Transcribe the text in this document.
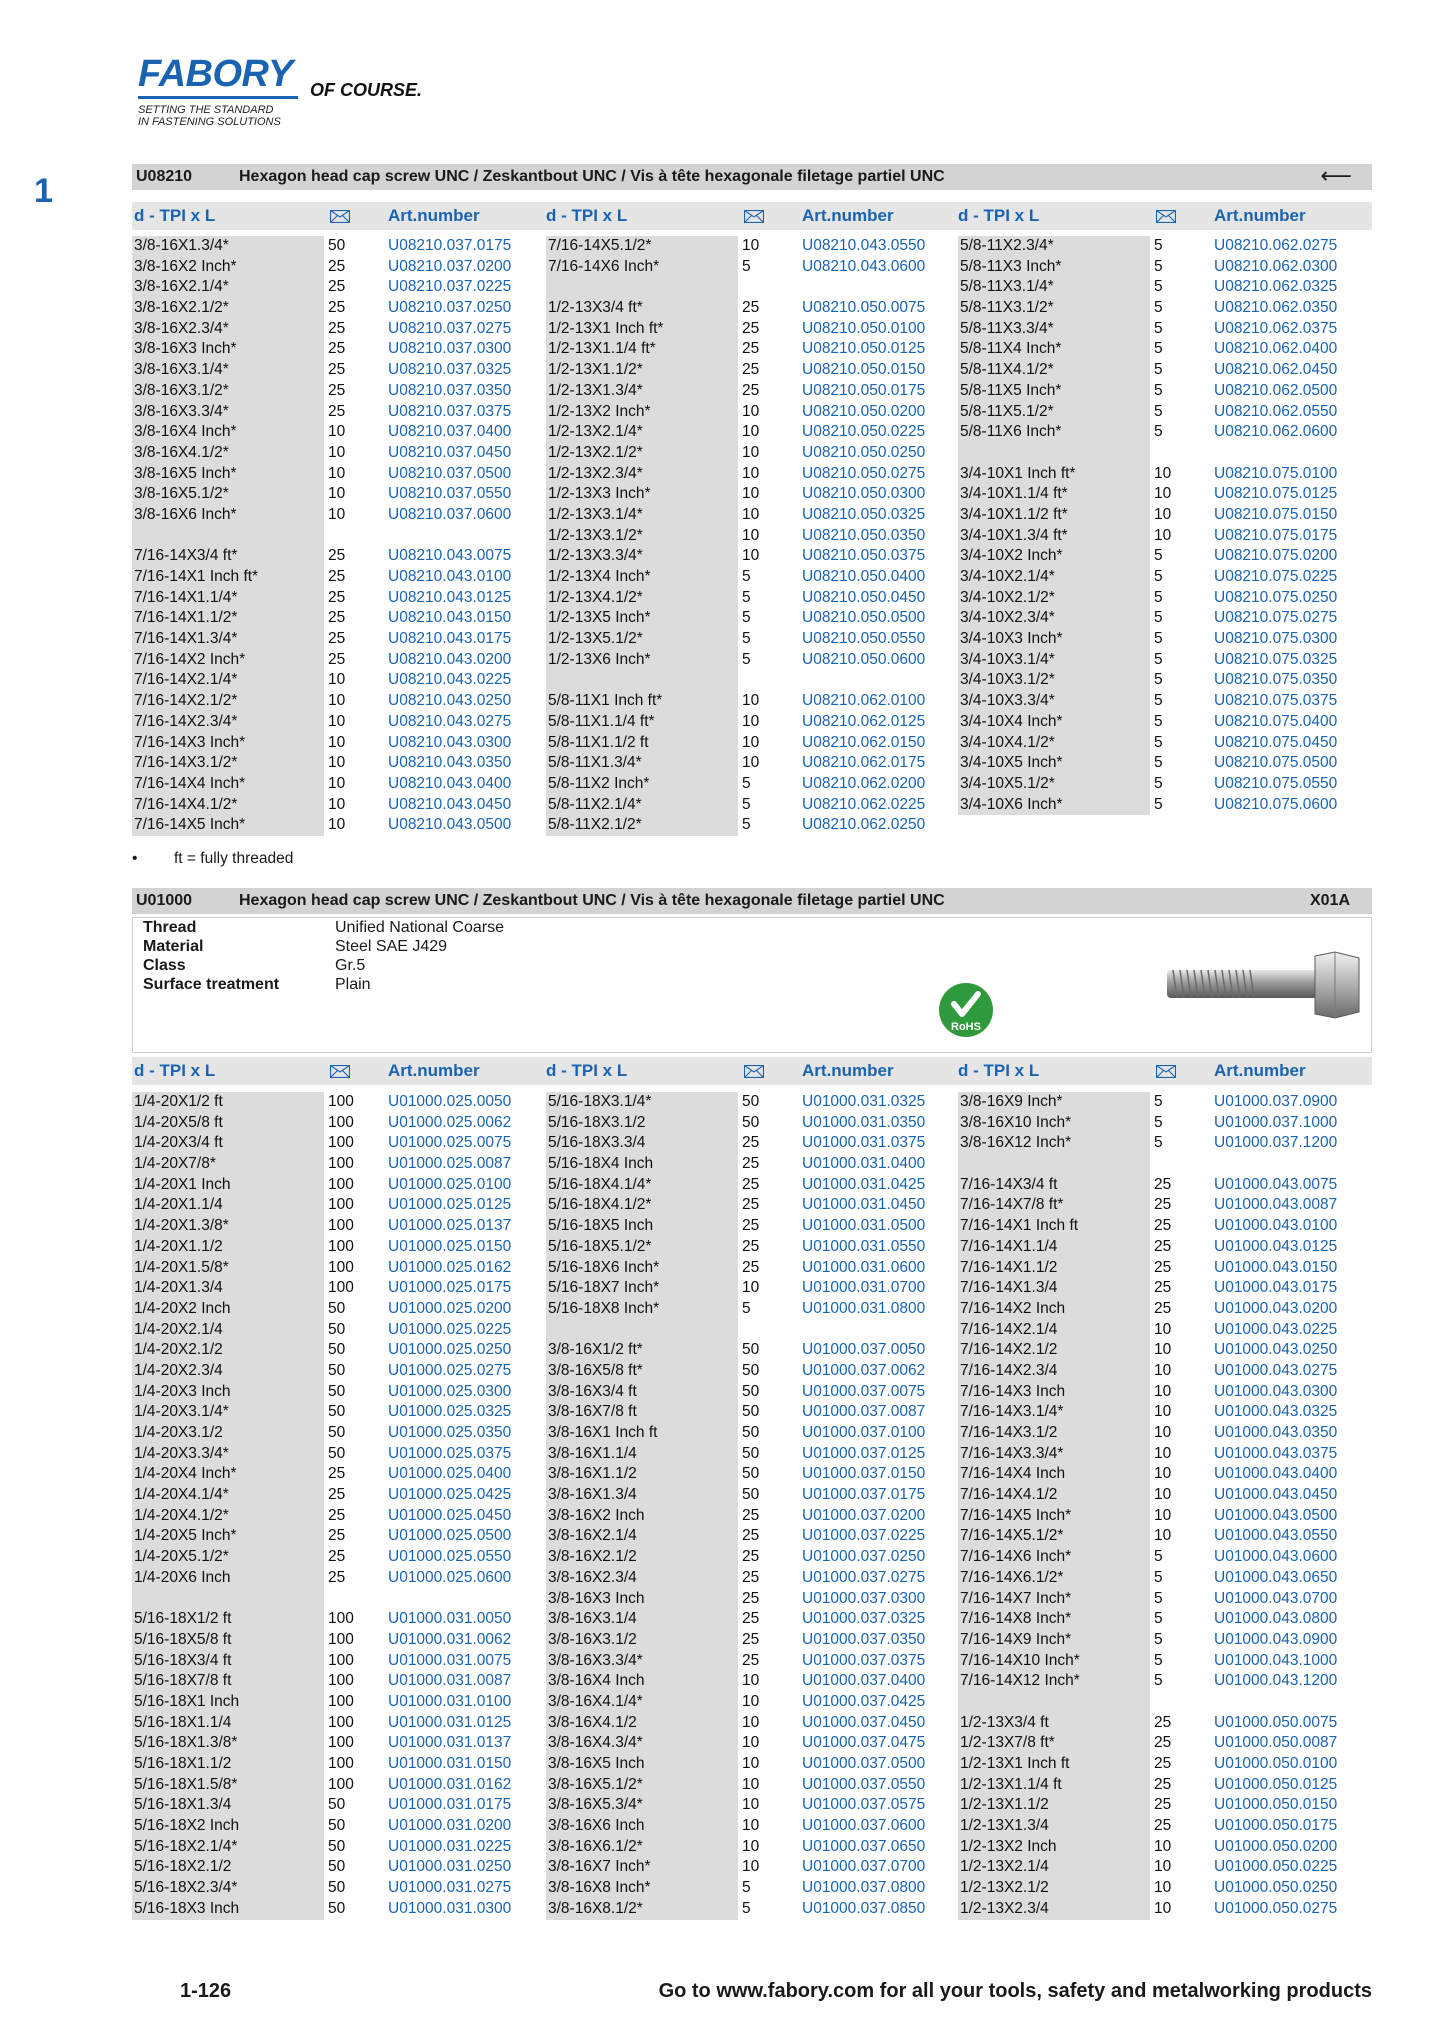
FABORY OF COURSE.
SETTING THE STANDARD
IN FASTENING SOLUTIONS
1	U08210	Hexagon head cap screw UNC / Zeskantbout UNC / Vis à tête hexagonale filetage partiel UNC	⟵
d - TPI x L	Art.number	d - TPI x L	Art.number	d - TPI x L	Art.number
3/8-16X1.3/4*	50	U08210.037.0175
3/8-16X2 Inch*	25	U08210.037.0200
3/8-16X2.1/4*	25	U08210.037.0225
3/8-16X2.1/2*	25	U08210.037.0250
3/8-16X2.3/4*	25	U08210.037.0275
3/8-16X3 Inch*	25	U08210.037.0300
3/8-16X3.1/4*	25	U08210.037.0325
3/8-16X3.1/2*	25	U08210.037.0350
3/8-16X3.3/4*	25	U08210.037.0375
3/8-16X4 Inch*	10	U08210.037.0400
3/8-16X4.1/2*	10	U08210.037.0450
3/8-16X5 Inch*	10	U08210.037.0500
3/8-16X5.1/2*	10	U08210.037.0550
3/8-16X6 Inch*	10	U08210.037.0600
7/16-14X3/4 ft*	25	U08210.043.0075
7/16-14X1 Inch ft*	25	U08210.043.0100
7/16-14X1.1/4*	25	U08210.043.0125
7/16-14X1.1/2*	25	U08210.043.0150
7/16-14X1.3/4*	25	U08210.043.0175
7/16-14X2 Inch*	25	U08210.043.0200
7/16-14X2.1/4*	10	U08210.043.0225
7/16-14X2.1/2*	10	U08210.043.0250
7/16-14X2.3/4*	10	U08210.043.0275
7/16-14X3 Inch*	10	U08210.043.0300
7/16-14X3.1/2*	10	U08210.043.0350
7/16-14X4 Inch*	10	U08210.043.0400
7/16-14X4.1/2*	10	U08210.043.0450
7/16-14X5 Inch*	10	U08210.043.0500
7/16-14X5.1/2*	10	U08210.043.0550
7/16-14X6 Inch*	5	U08210.043.0600
1/2-13X3/4 ft*	25	U08210.050.0075
1/2-13X1 Inch ft*	25	U08210.050.0100
1/2-13X1.1/4 ft*	25	U08210.050.0125
1/2-13X1.1/2*	25	U08210.050.0150
1/2-13X1.3/4*	25	U08210.050.0175
1/2-13X2 Inch*	10	U08210.050.0200
1/2-13X2.1/4*	10	U08210.050.0225
1/2-13X2.1/2*	10	U08210.050.0250
1/2-13X2.3/4*	10	U08210.050.0275
1/2-13X3 Inch*	10	U08210.050.0300
1/2-13X3.1/4*	10	U08210.050.0325
1/2-13X3.1/2*	10	U08210.050.0350
1/2-13X3.3/4*	10	U08210.050.0375
1/2-13X4 Inch*	5	U08210.050.0400
1/2-13X4.1/2*	5	U08210.050.0450
1/2-13X5 Inch*	5	U08210.050.0500
1/2-13X5.1/2*	5	U08210.050.0550
1/2-13X6 Inch*	5	U08210.050.0600
5/8-11X1 Inch ft*	10	U08210.062.0100
5/8-11X1.1/4 ft*	10	U08210.062.0125
5/8-11X1.1/2 ft	10	U08210.062.0150
5/8-11X1.3/4*	10	U08210.062.0175
5/8-11X2 Inch*	5	U08210.062.0200
5/8-11X2.1/4*	5	U08210.062.0225
5/8-11X2.1/2*	5	U08210.062.0250
5/8-11X2.3/4*	5	U08210.062.0275
5/8-11X3 Inch*	5	U08210.062.0300
5/8-11X3.1/4*	5	U08210.062.0325
5/8-11X3.1/2*	5	U08210.062.0350
5/8-11X3.3/4*	5	U08210.062.0375
5/8-11X4 Inch*	5	U08210.062.0400
5/8-11X4.1/2*	5	U08210.062.0450
5/8-11X5 Inch*	5	U08210.062.0500
5/8-11X5.1/2*	5	U08210.062.0550
5/8-11X6 Inch*	5	U08210.062.0600
3/4-10X1 Inch ft*	10	U08210.075.0100
3/4-10X1.1/4 ft*	10	U08210.075.0125
3/4-10X1.1/2 ft*	10	U08210.075.0150
3/4-10X1.3/4 ft*	10	U08210.075.0175
3/4-10X2 Inch*	5	U08210.075.0200
3/4-10X2.1/4*	5	U08210.075.0225
3/4-10X2.1/2*	5	U08210.075.0250
3/4-10X2.3/4*	5	U08210.075.0275
3/4-10X3 Inch*	5	U08210.075.0300
3/4-10X3.1/4*	5	U08210.075.0325
3/4-10X3.1/2*	5	U08210.075.0350
3/4-10X3.3/4*	5	U08210.075.0375
3/4-10X4 Inch*	5	U08210.075.0400
3/4-10X4.1/2*	5	U08210.075.0450
3/4-10X5 Inch*	5	U08210.075.0500
3/4-10X5.1/2*	5	U08210.075.0550
3/4-10X6 Inch*	5	U08210.075.0600
• ft = fully threaded
U01000	Hexagon head cap screw UNC / Zeskantbout UNC / Vis à tête hexagonale filetage partiel UNC	X01A
Thread	Unified National Coarse
Material	Steel SAE J429
Class	Gr.5
Surface treatment	Plain
RoHS
d - TPI x L	Art.number	d - TPI x L	Art.number	d - TPI x L	Art.number
1/4-20X1/2 ft	100 U01000.025.0050
1/4-20X5/8 ft	100 U01000.025.0062
1/4-20X3/4 ft	100 U01000.025.0075
1/4-20X7/8*	100 U01000.025.0087
1/4-20X1 Inch	100 U01000.025.0100
1/4-20X1.1/4	100 U01000.025.0125
1/4-20X1.3/8*	100 U01000.025.0137
1/4-20X1.1/2	100 U01000.025.0150
1/4-20X1.5/8*	100 U01000.025.0162
1/4-20X1.3/4	100 U01000.025.0175
1/4-20X2 Inch	50	U01000.025.0200
1/4-20X2.1/4	50	U01000.025.0225
1/4-20X2.1/2	50	U01000.025.0250
1/4-20X2.3/4	50	U01000.025.0275
1/4-20X3 Inch	50	U01000.025.0300
1/4-20X3.1/4*	50	U01000.025.0325
1/4-20X3.1/2	50	U01000.025.0350
1/4-20X3.3/4*	50	U01000.025.0375
1/4-20X4 Inch*	25	U01000.025.0400
1/4-20X4.1/4*	25	U01000.025.0425
1/4-20X4.1/2*	25	U01000.025.0450
1/4-20X5 Inch*	25	U01000.025.0500
1/4-20X5.1/2*	25	U01000.025.0550
1/4-20X6 Inch	25	U01000.025.0600
5/16-18X1/2 ft	100 U01000.031.0050
5/16-18X5/8 ft	100 U01000.031.0062
5/16-18X3/4 ft	100 U01000.031.0075
5/16-18X7/8 ft	100 U01000.031.0087
5/16-18X1 Inch	100 U01000.031.0100
5/16-18X1.1/4	100 U01000.031.0125
5/16-18X1.3/8*	100 U01000.031.0137
5/16-18X1.1/2	100 U01000.031.0150
5/16-18X1.5/8*	100 U01000.031.0162
5/16-18X1.3/4	50	U01000.031.0175
5/16-18X2 Inch	50	U01000.031.0200
5/16-18X2.1/4*	50	U01000.031.0225
5/16-18X2.1/2	50	U01000.031.0250
5/16-18X2.3/4*	50	U01000.031.0275
5/16-18X3 Inch	50	U01000.031.0300
5/16-18X3.1/4*	50	U01000.031.0325
5/16-18X3.1/2	50	U01000.031.0350
5/16-18X3.3/4	25	U01000.031.0375
5/16-18X4 Inch	25	U01000.031.0400
5/16-18X4.1/4*	25	U01000.031.0425
5/16-18X4.1/2*	25	U01000.031.0450
5/16-18X5 Inch	25	U01000.031.0500
5/16-18X5.1/2*	25	U01000.031.0550
5/16-18X6 Inch*	25	U01000.031.0600
5/16-18X7 Inch*	10	U01000.031.0700
5/16-18X8 Inch*	5	U01000.031.0800
3/8-16X1/2 ft*	50	U01000.037.0050
3/8-16X5/8 ft*	50	U01000.037.0062
3/8-16X3/4 ft	50	U01000.037.0075
3/8-16X7/8 ft	50	U01000.037.0087
3/8-16X1 Inch ft	50	U01000.037.0100
3/8-16X1.1/4	50	U01000.037.0125
3/8-16X1.1/2	50	U01000.037.0150
3/8-16X1.3/4	50	U01000.037.0175
3/8-16X2 Inch	25	U01000.037.0200
3/8-16X2.1/4	25	U01000.037.0225
3/8-16X2.1/2	25	U01000.037.0250
3/8-16X2.3/4	25	U01000.037.0275
3/8-16X3 Inch	25	U01000.037.0300
3/8-16X3.1/4	25	U01000.037.0325
3/8-16X3.1/2	25	U01000.037.0350
3/8-16X3.3/4*	25	U01000.037.0375
3/8-16X4 Inch	10	U01000.037.0400
3/8-16X4.1/4*	10	U01000.037.0425
3/8-16X4.1/2	10	U01000.037.0450
3/8-16X4.3/4*	10	U01000.037.0475
3/8-16X5 Inch	10	U01000.037.0500
3/8-16X5.1/2*	10	U01000.037.0550
3/8-16X5.3/4*	10	U01000.037.0575
3/8-16X6 Inch	10	U01000.037.0600
3/8-16X6.1/2*	10	U01000.037.0650
3/8-16X7 Inch*	10	U01000.037.0700
3/8-16X8 Inch*	5	U01000.037.0800
3/8-16X8.1/2*	5	U01000.037.0850
3/8-16X9 Inch*	5	U01000.037.0900
3/8-16X10 Inch*	5	U01000.037.1000
3/8-16X12 Inch*	5	U01000.037.1200
7/16-14X3/4 ft	25	U01000.043.0075
7/16-14X7/8 ft*	25	U01000.043.0087
7/16-14X1 Inch ft	25	U01000.043.0100
7/16-14X1.1/4	25	U01000.043.0125
7/16-14X1.1/2	25	U01000.043.0150
7/16-14X1.3/4	25	U01000.043.0175
7/16-14X2 Inch	25	U01000.043.0200
7/16-14X2.1/4	10	U01000.043.0225
7/16-14X2.1/2	10	U01000.043.0250
7/16-14X2.3/4	10	U01000.043.0275
7/16-14X3 Inch	10	U01000.043.0300
7/16-14X3.1/4*	10	U01000.043.0325
7/16-14X3.1/2	10	U01000.043.0350
7/16-14X3.3/4*	10	U01000.043.0375
7/16-14X4 Inch	10	U01000.043.0400
7/16-14X4.1/2	10	U01000.043.0450
7/16-14X5 Inch*	10	U01000.043.0500
7/16-14X5.1/2*	10	U01000.043.0550
7/16-14X6 Inch*	5	U01000.043.0600
7/16-14X6.1/2*	5	U01000.043.0650
7/16-14X7 Inch*	5	U01000.043.0700
7/16-14X8 Inch*	5	U01000.043.0800
7/16-14X9 Inch*	5	U01000.043.0900
7/16-14X10 Inch*	5	U01000.043.1000
7/16-14X12 Inch*	5	U01000.043.1200
1/2-13X3/4 ft	25	U01000.050.0075
1/2-13X7/8 ft*	25	U01000.050.0087
1/2-13X1 Inch ft	25	U01000.050.0100
1/2-13X1.1/4 ft	25	U01000.050.0125
1/2-13X1.1/2	25	U01000.050.0150
1/2-13X1.3/4	25	U01000.050.0175
1/2-13X2 Inch	10	U01000.050.0200
1/2-13X2.1/4	10	U01000.050.0225
1/2-13X2.1/2	10	U01000.050.0250
1/2-13X2.3/4	10	U01000.050.0275
1-126	Go to www.fabory.com for all your tools, safety and metalworking products
